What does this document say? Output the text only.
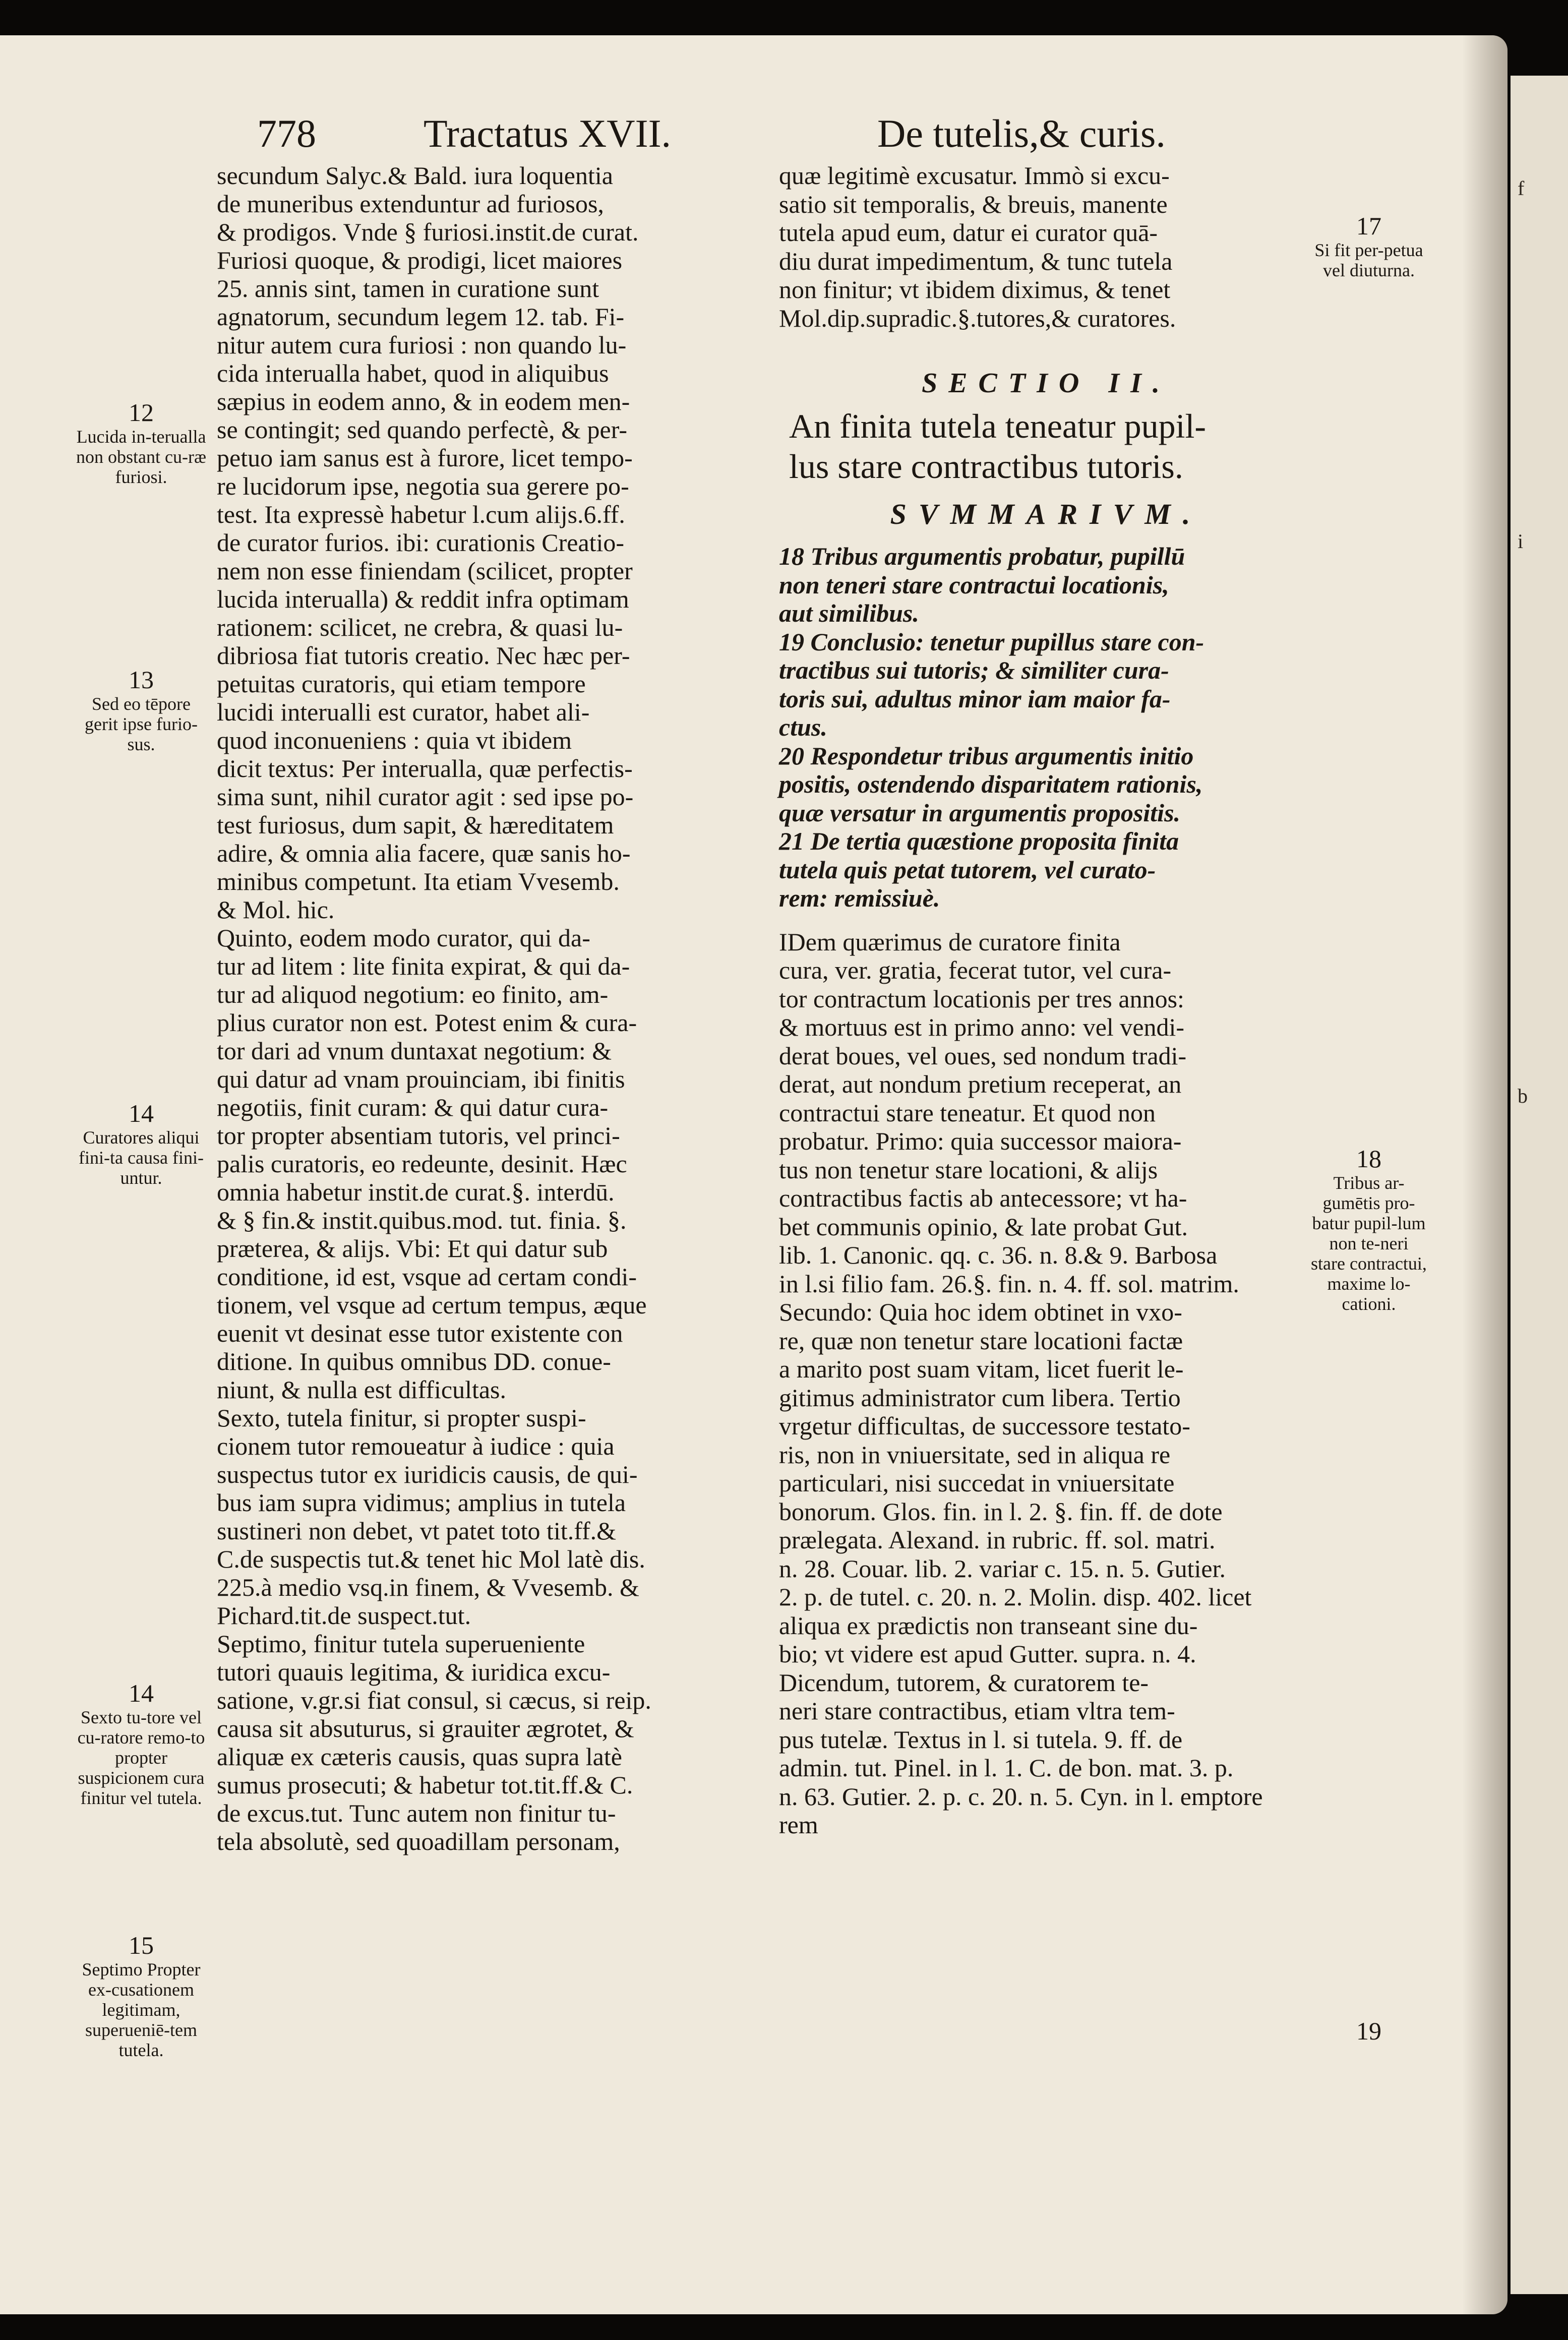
f
i
b
778	Tractatus XVII.	De tutelis,& curis.
12
Lucida in-terualla non obstant cu-ræ furiosi.
13
Sed eo tēpore gerit ipse furio-sus.
14
Curatores aliqui fini-ta causa fini-untur.
14
Sexto tu-tore vel cu-ratore remo-to propter suspicionem cura finitur vel tutela.
15
Septimo Propter ex-cusationem legitimam, superueniē-tem tutela.
17
Si fit per-petua vel diuturna.
18
Tribus ar-gumētis pro-batur pupil-lum non te-neri stare contractui, maxime lo-cationi.
19
secundum Salyc.& Bald. iura loquentia
de muneribus extenduntur ad furiosos,
& prodigos. Vnde § furiosi.instit.de curat.
Furiosi quoque, & prodigi, licet maiores
25. annis sint, tamen in curatione sunt
agnatorum, secundum legem 12. tab. Fi-
nitur autem cura furiosi : non quando lu-
cida interualla habet, quod in aliquibus
sæpius in eodem anno, & in eodem men-
se contingit; sed quando perfectè, & per-
petuo iam sanus est à furore, licet tempo-
re lucidorum ipse, negotia sua gerere po-
test. Ita expressè habetur l.cum alijs.6.ff.
de curator furios. ibi: curationis Creatio-
nem non esse finiendam (scilicet, propter
lucida interualla) & reddit infra optimam
rationem: scilicet, ne crebra, & quasi lu-
dibriosa fiat tutoris creatio. Nec hæc per-
petuitas curatoris, qui etiam tempore
lucidi interualli est curator, habet ali-
quod inconueniens : quia vt ibidem
dicit textus: Per interualla, quæ perfectis-
sima sunt, nihil curator agit : sed ipse po-
test furiosus, dum sapit, & hæreditatem
adire, & omnia alia facere, quæ sanis ho-
minibus competunt. Ita etiam Vvesemb.
& Mol. hic.
Quinto, eodem modo curator, qui da-
tur ad litem : lite finita expirat, & qui da-
tur ad aliquod negotium: eo finito, am-
plius curator non est. Potest enim & cura-
tor dari ad vnum duntaxat negotium: &
qui datur ad vnam prouinciam, ibi finitis
negotiis, finit curam: & qui datur cura-
tor propter absentiam tutoris, vel princi-
palis curatoris, eo redeunte, desinit. Hæc
omnia habetur instit.de curat.§. interdū.
& § fin.& instit.quibus.mod. tut. finia. §.
præterea, & alijs. Vbi: Et qui datur sub
conditione, id est, vsque ad certam condi-
tionem, vel vsque ad certum tempus, æque
euenit vt desinat esse tutor existente con
ditione. In quibus omnibus DD. conue-
niunt, & nulla est difficultas.
Sexto, tutela finitur, si propter suspi-
cionem tutor remoueatur à iudice : quia
suspectus tutor ex iuridicis causis, de qui-
bus iam supra vidimus; amplius in tutela
sustineri non debet, vt patet toto tit.ff.&
C.de suspectis tut.& tenet hic Mol latè dis.
225.à medio vsq.in finem, & Vvesemb. &
Pichard.tit.de suspect.tut.
Septimo, finitur tutela superueniente
tutori quauis legitima, & iuridica excu-
satione, v.gr.si fiat consul, si cæcus, si reip.
causa sit absuturus, si grauiter ægrotet, &
aliquæ ex cæteris causis, quas supra latè
sumus prosecuti; & habetur tot.tit.ff.& C.
de excus.tut. Tunc autem non finitur tu-
tela absolutè, sed quoadillam personam,
quæ legitimè excusatur. Immò si excu-
satio sit temporalis, & breuis, manente
tutela apud eum, datur ei curator quā-
diu durat impedimentum, & tunc tutela
non finitur; vt ibidem diximus, & tenet
Mol.dip.supradic.§.tutores,& curatores.
SECTIO II.
An finita tutela teneatur pupil-
lus stare contractibus tutoris.
SVMMARIVM.
18 Tribus argumentis probatur, pupillū
non teneri stare contractui locationis,
aut similibus.
19 Conclusio: tenetur pupillus stare con-
tractibus sui tutoris; & similiter cura-
toris sui, adultus minor iam maior fa-
ctus.
20 Respondetur tribus argumentis initio
positis, ostendendo disparitatem rationis,
quæ versatur in argumentis propositis.
21 De tertia quæstione proposita finita
tutela quis petat tutorem, vel curato-
rem: remissiuè.
IDem quærimus de curatore finita
cura, ver. gratia, fecerat tutor, vel cura-
tor contractum locationis per tres annos:
& mortuus est in primo anno: vel vendi-
derat boues, vel oues, sed nondum tradi-
derat, aut nondum pretium receperat, an
contractui stare teneatur. Et quod non
probatur. Primo: quia successor maiora-
tus non tenetur stare locationi, & alijs
contractibus factis ab antecessore; vt ha-
bet communis opinio, & late probat Gut.
lib. 1. Canonic. qq. c. 36. n. 8.& 9. Barbosa
in l.si filio fam. 26.§. fin. n. 4. ff. sol. matrim.
Secundo: Quia hoc idem obtinet in vxo-
re, quæ non tenetur stare locationi factæ
a marito post suam vitam, licet fuerit le-
gitimus administrator cum libera. Tertio
vrgetur difficultas, de successore testato-
ris, non in vniuersitate, sed in aliqua re
particulari, nisi succedat in vniuersitate
bonorum. Glos. fin. in l. 2. §. fin. ff. de dote
prælegata. Alexand. in rubric. ff. sol. matri.
n. 28. Couar. lib. 2. variar c. 15. n. 5. Gutier.
2. p. de tutel. c. 20. n. 2. Molin. disp. 402. licet
aliqua ex prædictis non transeant sine du-
bio; vt videre est apud Gutter. supra. n. 4.
Dicendum, tutorem, & curatorem te-
neri stare contractibus, etiam vltra tem-
pus tutelæ. Textus in l. si tutela. 9. ff. de
admin. tut. Pinel. in l. 1. C. de bon. mat. 3. p.
n. 63. Gutier. 2. p. c. 20. n. 5. Cyn. in l. emptore
rem
